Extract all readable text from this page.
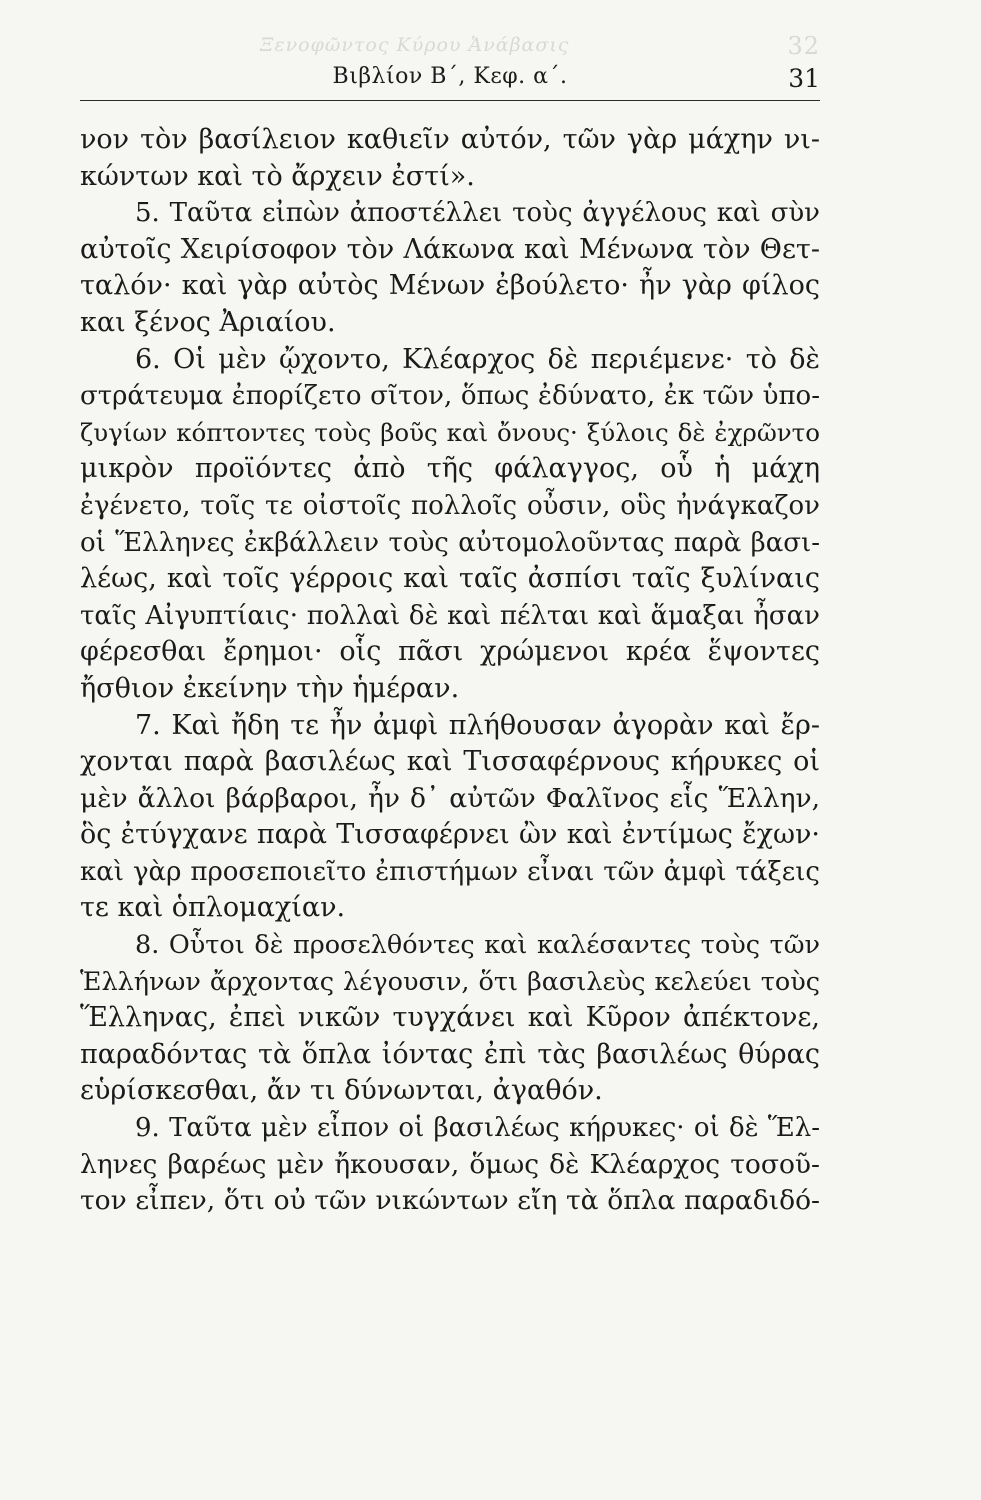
Ξενοφῶντος Κύρου Ἀνάβασις	32
Βιβλίον Β΄, Κεφ. α΄.	31
νον τὸν βασίλειον καθιεῖν αὐτόν, τῶν γὰρ μάχην νι-
κώντων καὶ τὸ ἄρχειν ἐστί».
5. Ταῦτα εἰπὼν ἀποστέλλει τοὺς ἀγγέλους καὶ σὺν
αὐτοῖς Χειρίσοφον τὸν Λάκωνα καὶ Μένωνα τὸν Θετ-
ταλόν· καὶ γὰρ αὐτὸς Μένων ἐβούλετο· ἦν γὰρ φίλος
και ξένος Ἀριαίου.
6. Οἱ μὲν ᾤχοντο, Κλέαρχος δὲ περιέμενε· τὸ δὲ
στράτευμα ἐπορίζετο σῖτον, ὅπως ἐδύνατο, ἐκ τῶν ὑπο-
ζυγίων κόπτοντες τοὺς βοῦς καὶ ὄνους· ξύλοις δὲ ἐχρῶντο
μικρὸν προϊόντες ἀπὸ τῆς φάλαγγος, οὗ ἡ μάχη
ἐγένετο, τοῖς τε οἰστοῖς πολλοῖς οὖσιν, οὓς ἠνάγκαζον
οἱ Ἕλληνες ἐκβάλλειν τοὺς αὐτομολοῦντας παρὰ βασι-
λέως, καὶ τοῖς γέρροις καὶ ταῖς ἀσπίσι ταῖς ξυλίναις
ταῖς Αἰγυπτίαις· πολλαὶ δὲ καὶ πέλται καὶ ἅμαξαι ἦσαν
φέρεσθαι ἔρημοι· οἷς πᾶσι χρώμενοι κρέα ἕψοντες
ἤσθιον ἐκείνην τὴν ἡμέραν.
7. Καὶ ἤδη τε ἦν ἀμφὶ πλήθουσαν ἀγορὰν καὶ ἔρ-
χονται παρὰ βασιλέως καὶ Τισσαφέρνους κήρυκες οἱ
μὲν ἄλλοι βάρβαροι, ἦν δ᾽ αὐτῶν Φαλῖνος εἷς Ἕλλην,
ὃς ἐτύγχανε παρὰ Τισσαφέρνει ὢν καὶ ἐντίμως ἔχων·
καὶ γὰρ προσεποιεῖτο ἐπιστήμων εἶναι τῶν ἀμφὶ τάξεις
τε καὶ ὁπλομαχίαν.
8. Οὗτοι δὲ προσελθόντες καὶ καλέσαντες τοὺς τῶν
Ἑλλήνων ἄρχοντας λέγουσιν, ὅτι βασιλεὺς κελεύει τοὺς
Ἕλληνας, ἐπεὶ νικῶν τυγχάνει καὶ Κῦρον ἀπέκτονε,
παραδόντας τὰ ὅπλα ἰόντας ἐπὶ τὰς βασιλέως θύρας
εὑρίσκεσθαι, ἄν τι δύνωνται, ἀγαθόν.
9. Ταῦτα μὲν εἶπον οἱ βασιλέως κήρυκες· οἱ δὲ Ἕλ-
ληνες βαρέως μὲν ἤκουσαν, ὅμως δὲ Κλέαρχος τοσοῦ-
τον εἶπεν, ὅτι οὐ τῶν νικώντων εἴη τὰ ὅπλα παραδιδό-
